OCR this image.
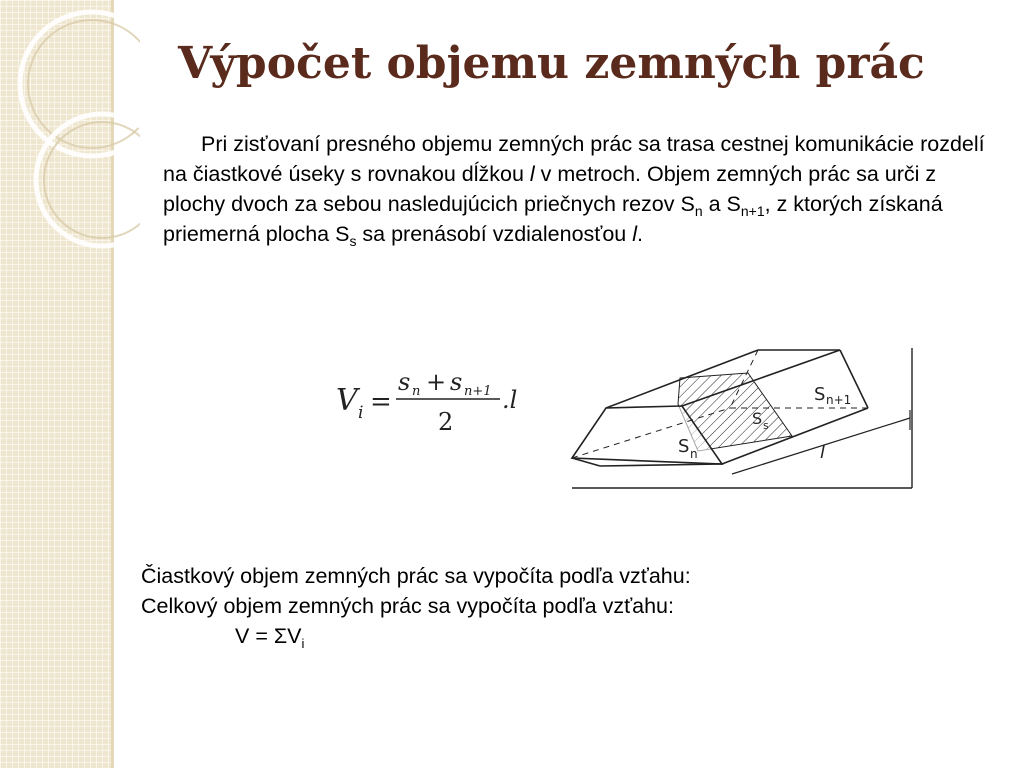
Výpočet objemu zemných prác
Pri zisťovaní presného objemu zemných prác sa trasa cestnej komunikácie rozdelí na čiastkové úseky s rovnakou dĺžkou l v metroch. Objem zemných prác sa urči z plochy dvoch za sebou nasledujúcich priečnych rezov $S_n$ a $S_{n+1}$, z ktorých získaná priemerná plocha $S_s$ sa prenásobí vzdialenosťou l.
V i =
s n + s n+1
2
.l
S n
S n+1
S s
l
Čiastkový objem zemných prác sa vypočíta podľa vzťahu:
Celkový objem zemných prác sa vypočíta podľa vzťahu:
$V = \Sigma V_i$
